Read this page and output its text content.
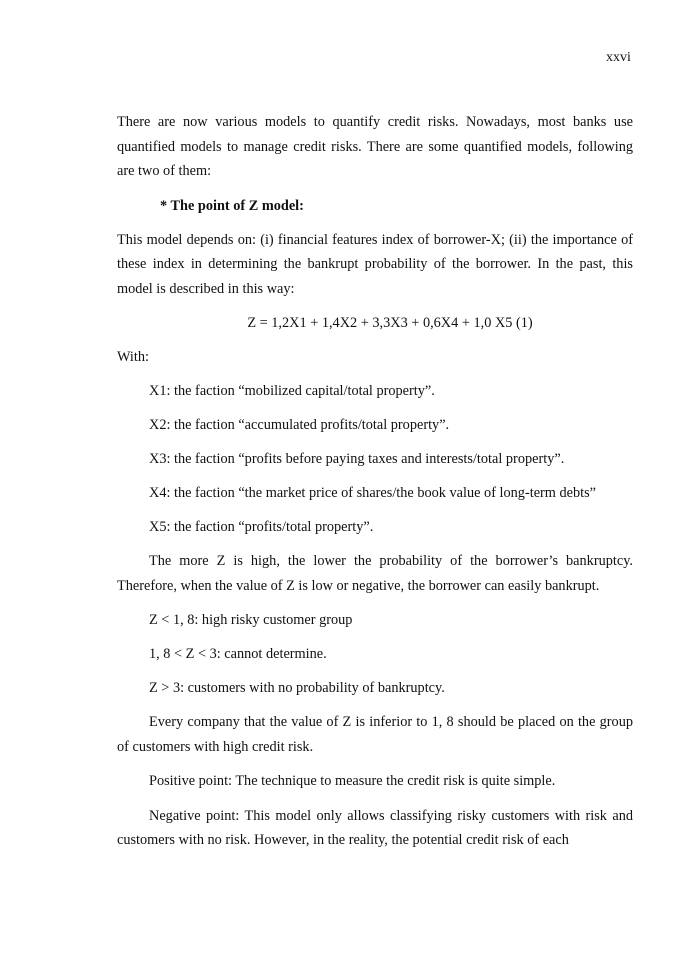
xxvi

There are now various models to quantify credit risks. Nowadays, most banks use quantified models to manage credit risks. There are some quantified models, following are two of them:

* The point of Z model:

This model depends on: (i) financial features index of borrower-X; (ii) the importance of these index in determining the bankrupt probability of the borrower. In the past, this model is described in this way:

Z = 1,2X1 + 1,4X2 + 3,3X3 + 0,6X4 + 1,0 X5 (1)

With:

X1: the faction “mobilized capital/total property”.

X2: the faction “accumulated profits/total property”.

X3: the faction “profits before paying taxes and interests/total property”.

X4: the faction “the market price of shares/the book value of long-term debts”

X5: the faction “profits/total property”.

The more Z is high, the lower the probability of the borrower’s bankruptcy. Therefore, when the value of Z is low or negative, the borrower can easily bankrupt.

Z < 1, 8: high risky customer group

1, 8 < Z < 3: cannot determine.

Z > 3: customers with no probability of bankruptcy.

Every company that the value of Z is inferior to 1, 8 should be placed on the group of customers with high credit risk.

Positive point: The technique to measure the credit risk is quite simple.

Negative point: This model only allows classifying risky customers with risk and customers with no risk. However, in the reality, the potential credit risk of each
